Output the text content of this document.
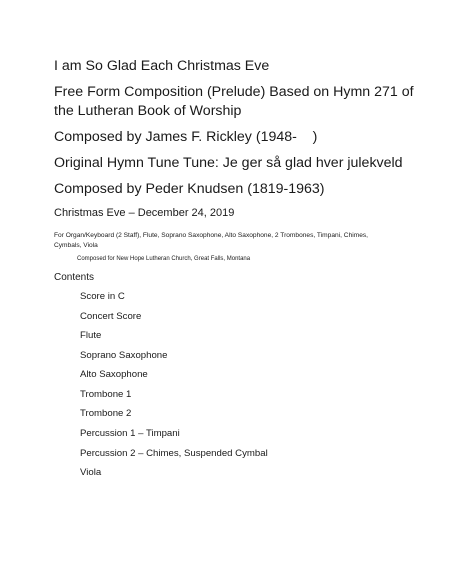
I am So Glad Each Christmas Eve

Free Form Composition (Prelude) Based on Hymn 271 of the Lutheran Book of Worship

Composed by James F. Rickley (1948-    )

Original Hymn Tune Tune: Je ger så glad hver julekveld

Composed by Peder Knudsen (1819-1963)

Christmas Eve – December 24, 2019

For Organ/Keyboard (2 Staff), Flute, Soprano Saxophone, Alto Saxophone, 2 Trombones, Timpani, Chimes, Cymbals, Viola

Composed for New Hope Lutheran Church, Great Falls, Montana

Contents

Score in C
Concert Score
Flute
Soprano Saxophone
Alto Saxophone
Trombone 1
Trombone 2
Percussion 1 – Timpani
Percussion 2 – Chimes, Suspended Cymbal
Viola
